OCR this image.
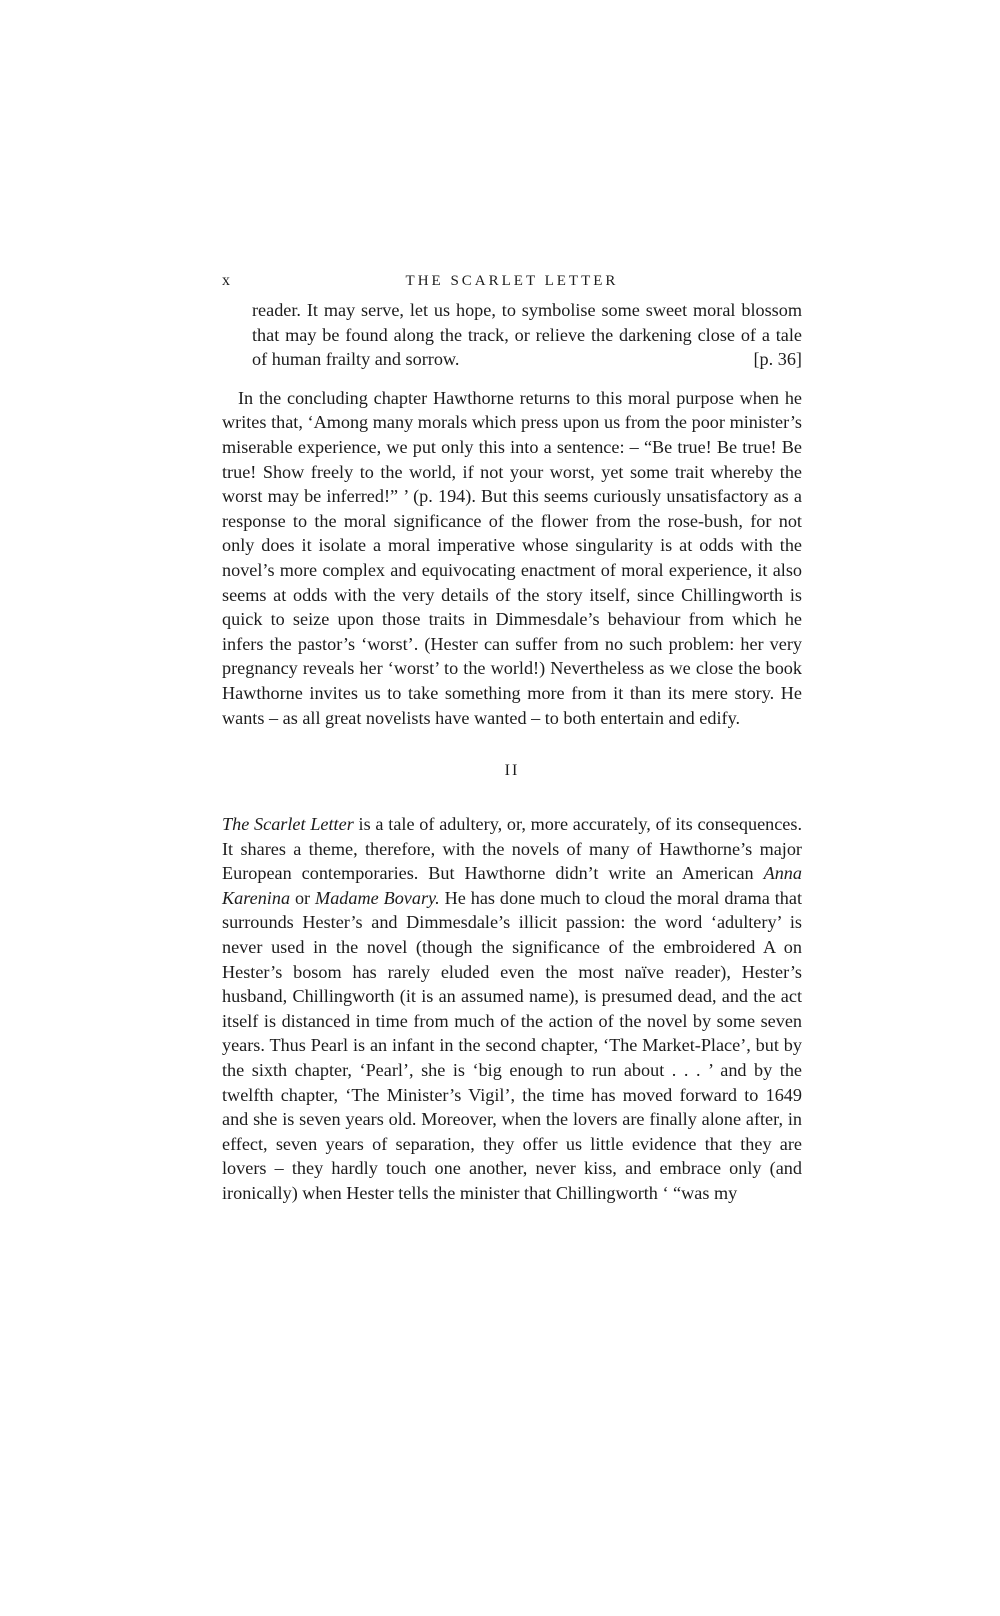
x	THE SCARLET LETTER
reader. It may serve, let us hope, to symbolise some sweet moral blossom that may be found along the track, or relieve the darkening close of a tale of human frailty and sorrow.	[p. 36]

In the concluding chapter Hawthorne returns to this moral purpose when he writes that, ‘Among many morals which press upon us from the poor minister’s miserable experience, we put only this into a sentence: – “Be true! Be true! Be true! Show freely to the world, if not your worst, yet some trait whereby the worst may be inferred!” ’ (p. 194). But this seems curiously unsatisfactory as a response to the moral significance of the flower from the rose-bush, for not only does it isolate a moral imperative whose singularity is at odds with the novel’s more complex and equivocating enactment of moral experience, it also seems at odds with the very details of the story itself, since Chillingworth is quick to seize upon those traits in Dimmesdale’s behaviour from which he infers the pastor’s ‘worst’. (Hester can suffer from no such problem: her very pregnancy reveals her ‘worst’ to the world!) Nevertheless as we close the book Hawthorne invites us to take something more from it than its mere story. He wants – as all great novelists have wanted – to both entertain and edify.

II

The Scarlet Letter is a tale of adultery, or, more accurately, of its consequences. It shares a theme, therefore, with the novels of many of Hawthorne’s major European contemporaries. But Hawthorne didn’t write an American Anna Karenina or Madame Bovary. He has done much to cloud the moral drama that surrounds Hester’s and Dimmesdale’s illicit passion: the word ‘adultery’ is never used in the novel (though the significance of the embroidered A on Hester’s bosom has rarely eluded even the most naïve reader), Hester’s husband, Chillingworth (it is an assumed name), is presumed dead, and the act itself is distanced in time from much of the action of the novel by some seven years. Thus Pearl is an infant in the second chapter, ‘The Market-Place’, but by the sixth chapter, ‘Pearl’, she is ‘big enough to run about . . . ’ and by the twelfth chapter, ‘The Minister’s Vigil’, the time has moved forward to 1649 and she is seven years old. Moreover, when the lovers are finally alone after, in effect, seven years of separation, they offer us little evidence that they are lovers – they hardly touch one another, never kiss, and embrace only (and ironically) when Hester tells the minister that Chillingworth ‘ “was my
